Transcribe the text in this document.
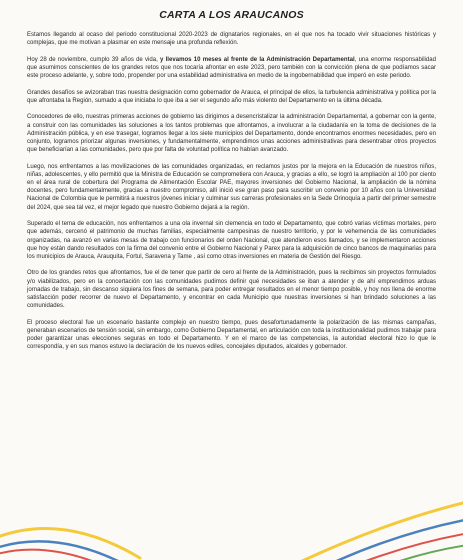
CARTA A LOS ARAUCANOS

Estamos llegando al ocaso del periodo constitucional 2020-2023 de dignatarios regionales, en el que nos ha tocado vivir situaciones históricas y complejas, que me motivan a plasmar en este mensaje una profunda reflexión.

Hoy 28 de noviembre, cumplo 39 años de vida, y llevamos 10 meses al frente de la Administración Departamental, una enorme responsabilidad que asumimos conscientes de los grandes retos que nos tocaría afrontar en este 2023, pero también con la convicción plena de que podíamos sacar este proceso adelante, y, sobre todo, propender por una estabilidad administrativa en medio de la ingobernabilidad que imperó en este periodo.

Grandes desafíos se avizoraban tras nuestra designación como gobernador de Arauca, el principal de ellos, la turbulencia administrativa y política por la que afrontaba la Región, sumado a que iniciaba lo que iba a ser el segundo año más violento del Departamento en la última década.

Conocedores de ello, nuestras primeras acciones de gobierno las dirigimos a desencristalizar la administración Departamental, a gobernar con la gente, a construir con las comunidades las soluciones a los tantos problemas que afrontamos, a involucrar a la ciudadanía en la toma de decisiones de la Administración pública, y en ese trasegar, logramos llegar a los siete municipios del Departamento, donde encontramos enormes necesidades, pero en conjunto, logramos priorizar algunas inversiones, y fundamentalmente, emprendimos unas acciones administrativas para desentrabar otros proyectos que beneficiarían a las comunidades, pero que por falta de voluntad política no habían avanzado.

Luego, nos enfrentamos a las movilizaciones de las comunidades organizadas, en reclamos justos por la mejora en la Educación de nuestros niños, niñas, adolescentes, y ello permitió que la Ministra de Educación se comprometiera con Arauca, y gracias a ello, se logró la ampliación al 100 por ciento en el área rural de cobertura del Programa de Alimentación Escolar PAE, mayores inversiones del Gobierno Nacional, la ampliación de la nómina docentes, pero fundamentalmente, gracias a nuestro compromiso, allí inició ese gran paso para suscribir un convenio por 10 años con la Universidad Nacional de Colombia que le permitirá a nuestros jóvenes iniciar y culminar sus carreras profesionales en la Sede Orinoquía a partir del primer semestre del 2024, que sea tal vez, el mejor legado que nuestro Gobierno dejará a la región.

Superado el tema de educación, nos enfrentamos a una ola invernal sin clemencia en todo el Departamento, que cobró varias víctimas mortales, pero que además, cercenó el patrimonio de muchas familias, especialmente campesinas de nuestro territorio, y por le vehemencia de las comunidades organizadas, na avanzó en varias mesas de trabajo con funcionarios del orden Nacional, que atendieron esos llamados, y se implementaron acciones que hoy están dando resultados con la firma del convenio entre el Gobierno Nacional y Parex para la adquisición de cinco bancos de maquinarias para los municipios de Arauca, Arauquita, Fortul, Saravena y Tame , así como otras inversiones en materia de Gestión del Riesgo.

Otro de los grandes retos que afrontamos, fue el de tener que partir de cero al frente de la Administración, pues la recibimos sin proyectos formulados y/o viabilizados, pero en la concertación con las comunidades pudimos definir qué necesidades se iban a atender y de ahí emprendimos arduas jornadas de trabajo, sin descanso siquiera los fines de semana, para poder entregar resultados en el menor tiempo posible, y hoy nos llena de enorme satisfacción poder recorrer de nuevo el Departamento, y encontrar en cada Municipio que nuestras inversiones si han brindado soluciones a las comunidades.

El proceso electoral fue un escenario bastante complejo en nuestro tiempo, pues desafortunadamente la polarización de las mismas campañas, generaban escenarios de tensión social, sin embargo, como Gobierno Departamental, en articulación con toda la institucionalidad pudimos trabajar para poder garantizar unas elecciones seguras en todo el Departamento. Y en el marco de las competencias, la autoridad electoral hizo lo que le correspondía, y en sus manos estuvo la declaración de los nuevos ediles, concejales diputados, alcaldes y gobernador.
